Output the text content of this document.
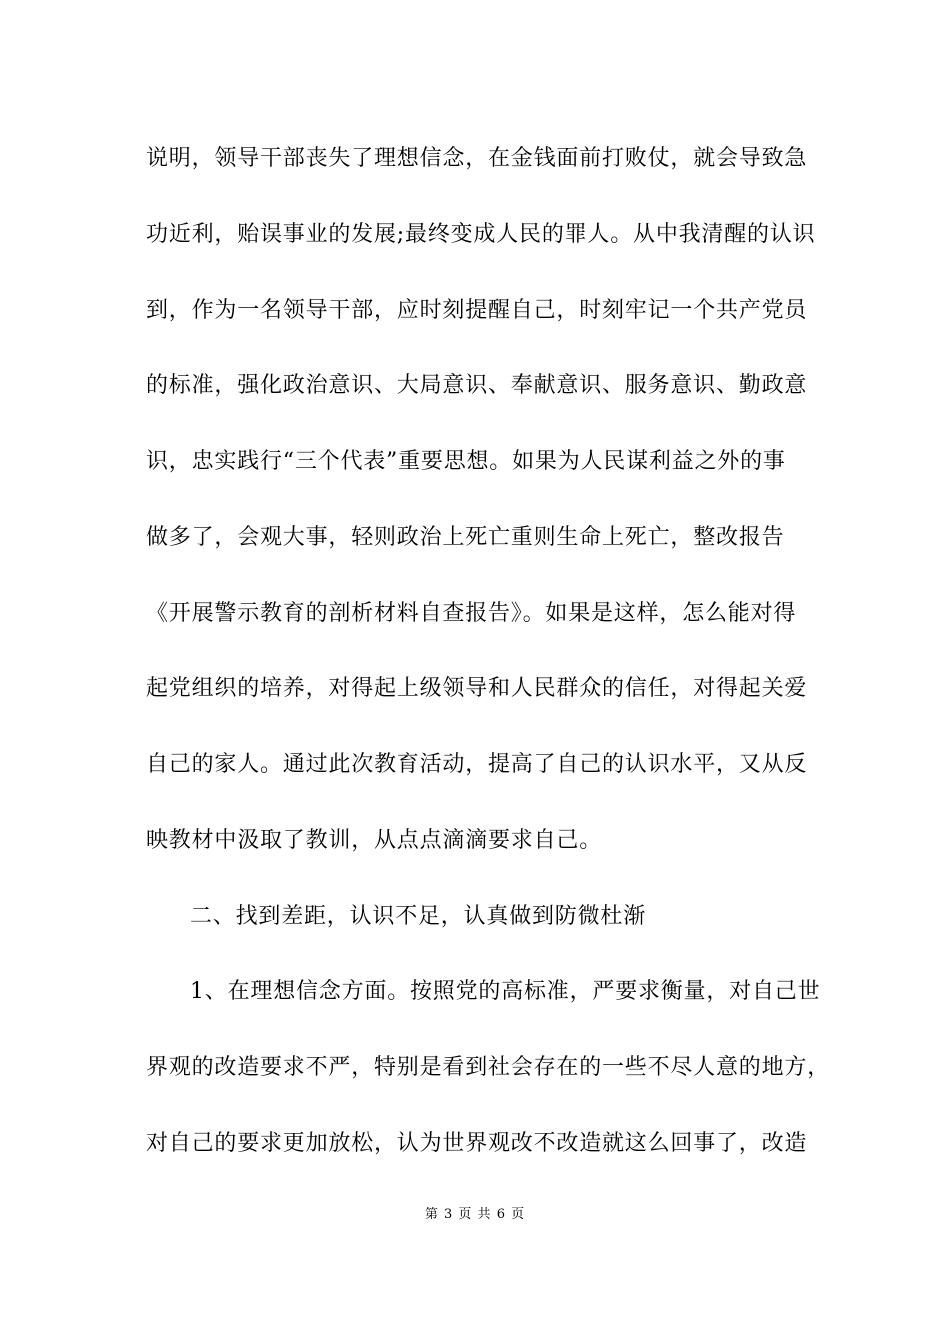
说明，领导干部丧失了理想信念，在金钱面前打败仗，就会导致急
功近利，贻误事业的发展;最终变成人民的罪人。从中我清醒的认识
到，作为一名领导干部，应时刻提醒自己，时刻牢记一个共产党员
的标准，强化政治意识、大局意识、奉献意识、服务意识、勤政意
识，忠实践行“三个代表”重要思想。如果为人民谋利益之外的事
做多了，会观大事，轻则政治上死亡重则生命上死亡，整改报告
《开展警示教育的剖析材料自查报告》。如果是这样，怎么能对得
起党组织的培养，对得起上级领导和人民群众的信任，对得起关爱
自己的家人。通过此次教育活动，提高了自己的认识水平，又从反
映教材中汲取了教训，从点点滴滴要求自己。
二、找到差距，认识不足，认真做到防微杜渐
1、在理想信念方面。按照党的高标准，严要求衡量，对自己世
界观的改造要求不严，特别是看到社会存在的一些不尽人意的地方，
对自己的要求更加放松，认为世界观改不改造就这么回事了，改造
第 3 页 共 6 页
